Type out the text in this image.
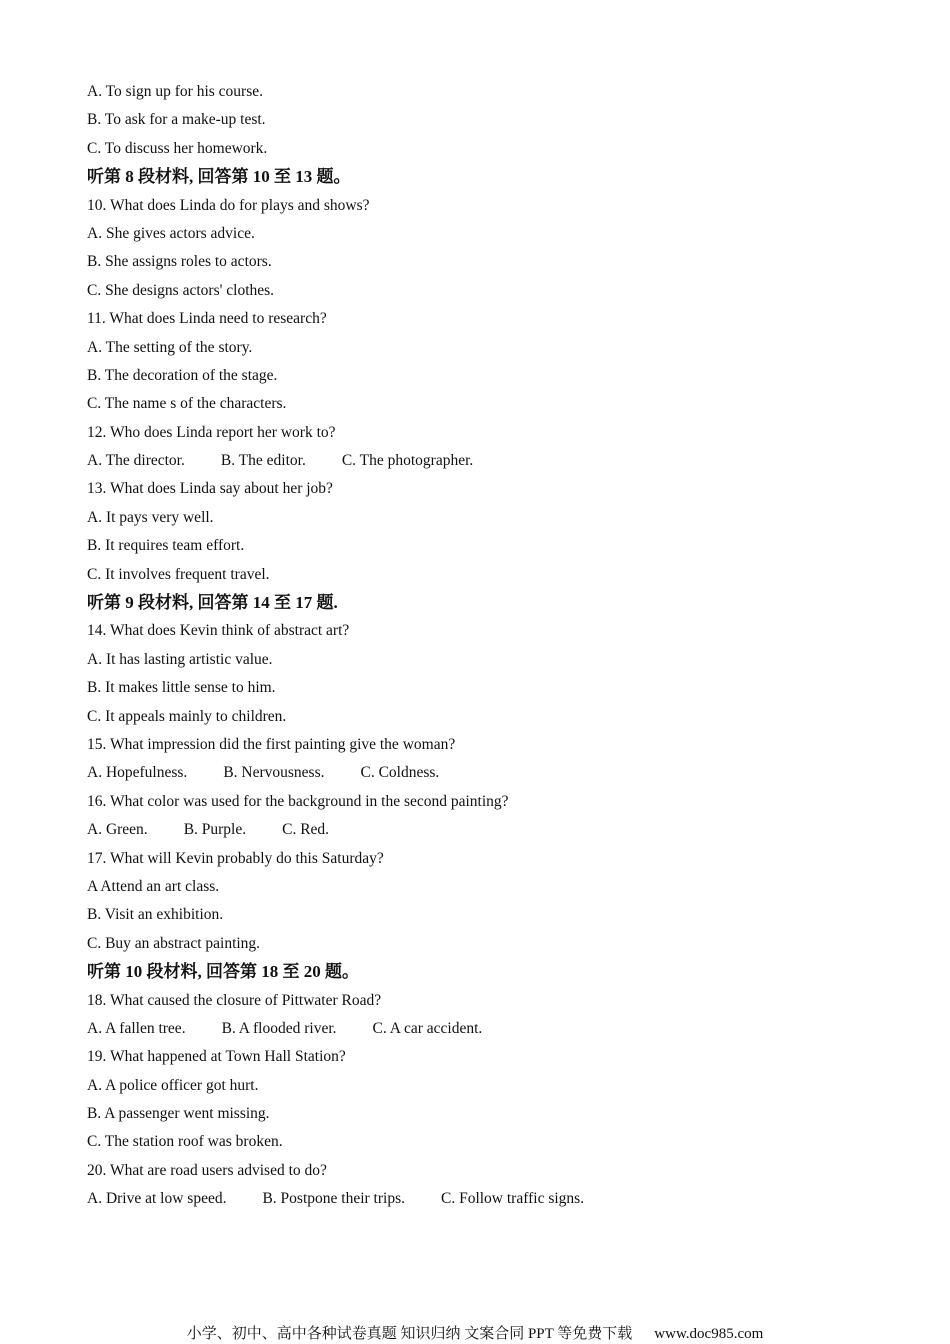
A. To sign up for his course.
B. To ask for a make-up test.
C. To discuss her homework.
听第 8 段材料, 回答第 10 至 13 题。
10. What does Linda do for plays and shows?
A. She gives actors advice.
B. She assigns roles to actors.
C. She designs actors' clothes.
11. What does Linda need to research?
A. The setting of the story.
B. The decoration of the stage.
C. The name s of the characters.
12. Who does Linda report her work to?
A. The director. B. The editor. C. The photographer.
13. What does Linda say about her job?
A. It pays very well.
B. It requires team effort.
C. It involves frequent travel.
听第 9 段材料, 回答第 14 至 17 题.
14. What does Kevin think of abstract art?
A. It has lasting artistic value.
B. It makes little sense to him.
C. It appeals mainly to children.
15. What impression did the first painting give the woman?
A. Hopefulness. B. Nervousness. C. Coldness.
16. What color was used for the background in the second painting?
A. Green. B. Purple. C. Red.
17. What will Kevin probably do this Saturday?
A Attend an art class.
B. Visit an exhibition.
C. Buy an abstract painting.
听第 10 段材料, 回答第 18 至 20 题。
18. What caused the closure of Pittwater Road?
A. A fallen tree. B. A flooded river. C. A car accident.
19. What happened at Town Hall Station?
A. A police officer got hurt.
B. A passenger went missing.
C. The station roof was broken.
20. What are road users advised to do?
A. Drive at low speed. B. Postpone their trips. C. Follow traffic signs.
小学、初中、高中各种试卷真题 知识归纳 文案合同 PPT 等免费下载 www.doc985.com
